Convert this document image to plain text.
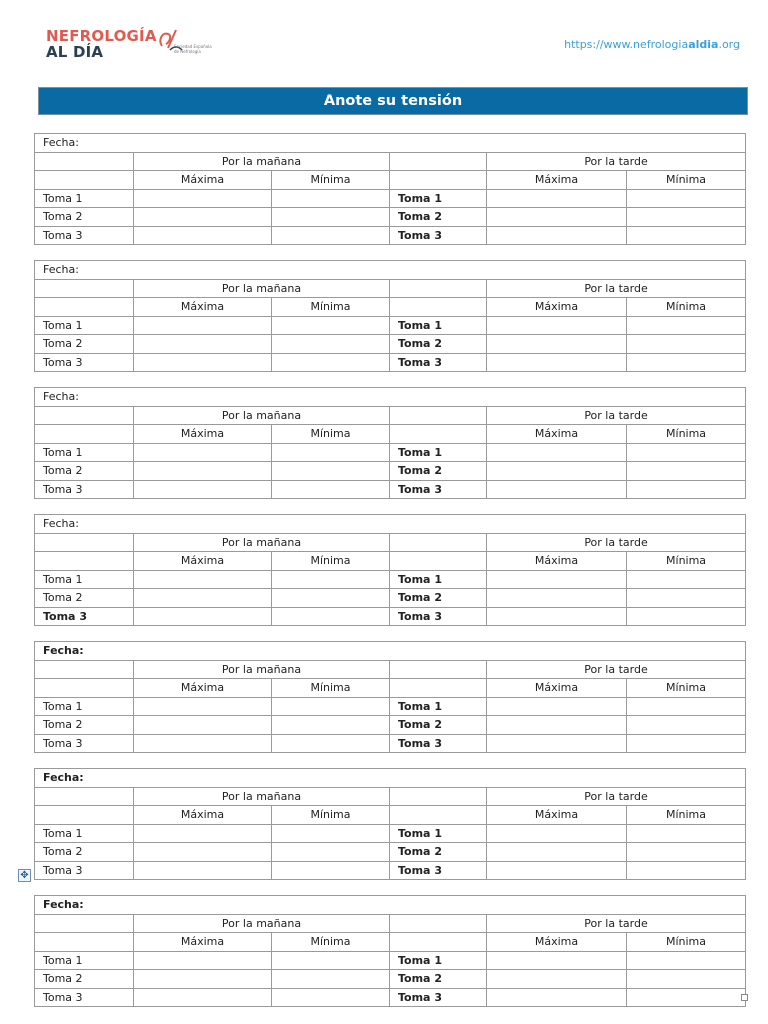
NEFROLOGÍA
AL DÍA	Sociedad Española de Nefrología
https://www.nefrologiaaldia.org
Anote su tensión
Fecha:					
	Por la mañana			Por la tarde	
	Máxima	Mínima		Máxima	Mínima
Toma 1			Toma 1		
Toma 2			Toma 2		
Toma 3			Toma 3		
Fecha:					
	Por la mañana			Por la tarde	
	Máxima	Mínima		Máxima	Mínima
Toma 1			Toma 1		
Toma 2			Toma 2		
Toma 3			Toma 3		
Fecha:					
	Por la mañana			Por la tarde	
	Máxima	Mínima		Máxima	Mínima
Toma 1			Toma 1		
Toma 2			Toma 2		
Toma 3			Toma 3		
Fecha:					
	Por la mañana			Por la tarde	
	Máxima	Mínima		Máxima	Mínima
Toma 1			Toma 1		
Toma 2			Toma 2		
Toma 3			Toma 3		
Fecha:					
	Por la mañana			Por la tarde	
	Máxima	Mínima		Máxima	Mínima
Toma 1			Toma 1		
Toma 2			Toma 2		
Toma 3			Toma 3		
Fecha:					
	Por la mañana			Por la tarde	
	Máxima	Mínima		Máxima	Mínima
Toma 1			Toma 1		
Toma 2			Toma 2		
Toma 3			Toma 3		
Fecha:					
	Por la mañana			Por la tarde	
	Máxima	Mínima		Máxima	Mínima
Toma 1			Toma 1		
Toma 2			Toma 2		
Toma 3			Toma 3		
✥
